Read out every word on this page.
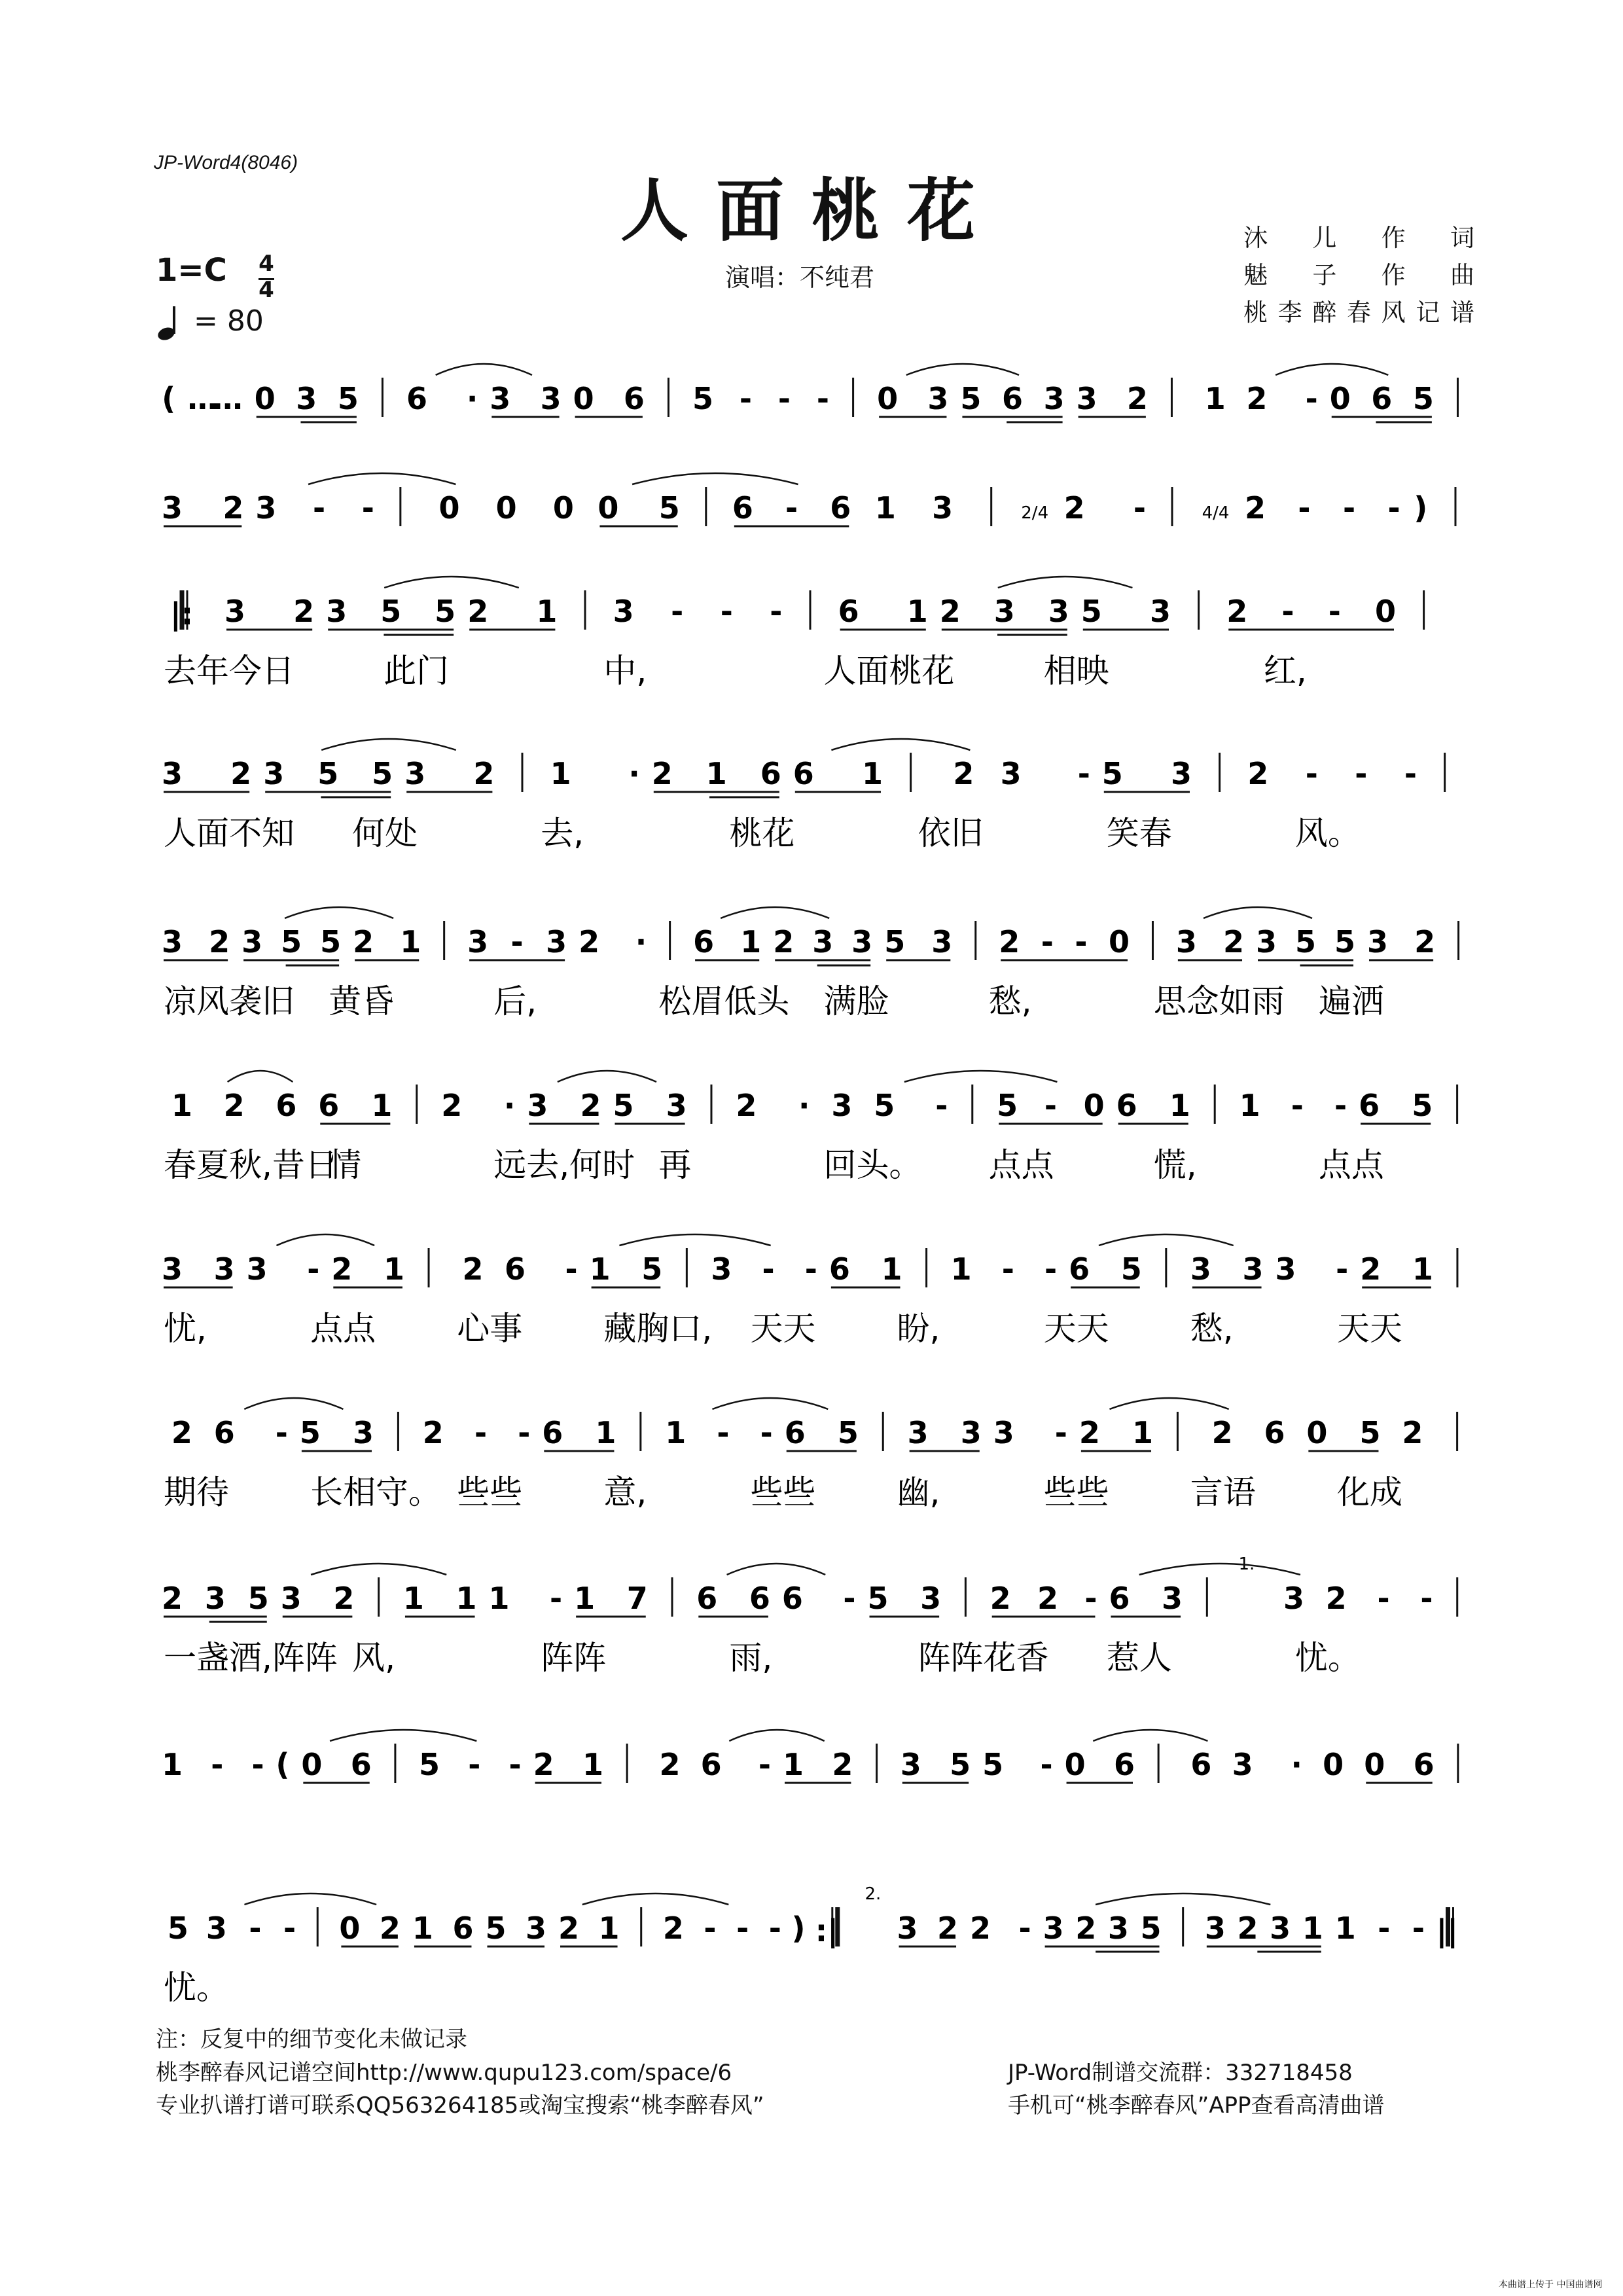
JP-Word4(8046)
人面桃花
演唱：不纯君
沐儿作词
魅子作曲
桃李醉春风记谱
1=C 4
4
= 80
( …… 0 3 5 6 · 3 3 0 6 5 - - - 0 3 5 6 3 3 2 1 2 - 0 6 5
3 2 3 - - 0 0 0 0 5 6 - 6 1 3	2/4 2 -	4/4 2 - - - )
|: 3 2 3 5 5 2 1 3 - - - 6 1 2 3 3 5 3 2 - - 0
去年今日	此门	中,	人面桃花	相映	红,
3 2 3 5 5 3 2 1 · 2 1 6 6 1 2 3 - 5 3 2 - - -
人面不知 何处	去,	桃花	依旧	笑春	风。
3 2 3 5 5 2 1 3 - 3 2 · 6 1 2 3 3 5 3 2 - - 0 3 2 3 5 5 3 2
凉风袭旧 黄昏	后,	松眉低头 满脸	愁,	思念如雨 遍洒
1 2 6 6 1 2 · 3 2 5 3 2 · 3 5 - 5 - 0 6 1 1 - - 6 5
春夏秋,昔日
情	远去,何时 再	回头。 点点	慌,	点点
3 3 3 - 2 1 2 6 - 1 5 3 - - 6 1 1 - - 6 5 3 3 3 - 2 1
忧,	点点 心事 藏胸口, 天天 盼,	天天 愁,	天天
2 6 - 5 3 2 - - 6 1 1 - - 6 5 3 3 3 - 2 1 2 6 0 5 2
期待 长相守。 些些 意,	些些 幽,	些些 言语 化成
2 3 5 3 2 1 1 1 - 1 7 6 6 6 - 5 3 2 2 - 6 3
1.
3 2 - -
一盏酒,阵阵 风,	阵阵	雨,	阵阵花香 惹人	忧。
1 - - ( 0 6 5 - - 2 1 2 6 - 1 2 3 5 5 - 0 6 6 3 · 0 0 6
5 3 - - 0 2 1 6 5 3 2 1 2 - - - ) :|
2.
3 2 2 - 3 2 3 5 3 2 3 1 1 - - ||
忧。
注：反复中的细节变化未做记录
桃李醉春风记谱空间http://www.qupu123.com/space/6
专业扒谱打谱可联系QQ563264185或淘宝搜索“桃李醉春风”
JP-Word制谱交流群：332718458
手机可“桃李醉春风”APP查看高清曲谱
本曲谱上传于 中国曲谱网
